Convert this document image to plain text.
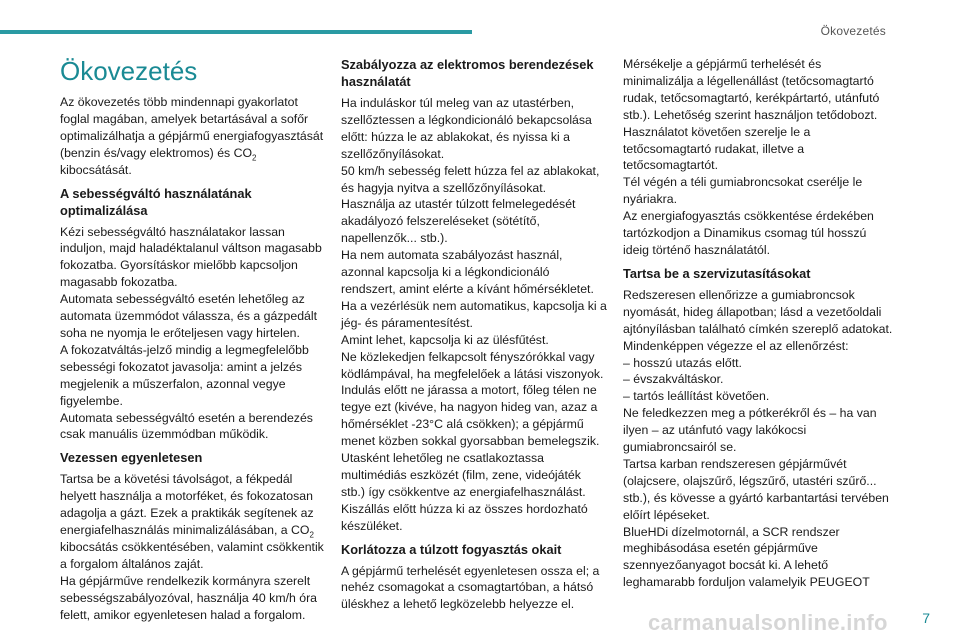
Ökovezetés
Ökovezetés

Az ökovezetés több mindennapi gyakorlatot foglal magában, amelyek betartásával a sofőr optimalizálhatja a gépjármű energiafogyasztását (benzin és/vagy elektromos) és $CO_2$ kibocsátását.

A sebességváltó használatának optimalizálása

Kézi sebességváltó használatakor lassan induljon, majd haladéktalanul váltson magasabb fokozatba. Gyorsításkor mielőbb kapcsoljon magasabb fokozatba.
Automata sebességváltó esetén lehetőleg az automata üzemmódot válassza, és a gázpedált soha ne nyomja le erőteljesen vagy hirtelen.
A fokozatváltás-jelző mindig a legmegfelelőbb sebességi fokozatot javasolja: amint a jelzés megjelenik a műszerfalon, azonnal vegye figyelembe.
Automata sebességváltó esetén a berendezés csak manuális üzemmódban működik.

Vezessen egyenletesen

Tartsa be a követési távolságot, a fékpedál helyett használja a motorféket, és fokozatosan adagolja a gázt. Ezek a praktikák segítenek az energiafelhasználás minimalizálásában, a $CO_2$ kibocsátás csökkentésében, valamint csökkentik a forgalom általános zaját.
Ha gépjárműve rendelkezik kormányra szerelt sebességszabályozóval, használja 40 km/h óra felett, amikor egyenletesen halad a forgalom.

Szabályozza az elektromos berendezések használatát

Ha induláskor túl meleg van az utastérben, szellőztessen a légkondicionáló bekapcsolása előtt: húzza le az ablakokat, és nyissa ki a szellőzőnyílásokat.
50 km/h sebesség felett húzza fel az ablakokat, és hagyja nyitva a szellőzőnyílásokat.
Használja az utastér túlzott felmelegedését akadályozó felszereléseket (sötétítő, napellenzők... stb.).
Ha nem automata szabályozást használ, azonnal kapcsolja ki a légkondicionáló rendszert, amint elérte a kívánt hőmérsékletet.
Ha a vezérlésük nem automatikus, kapcsolja ki a jég- és páramentesítést.
Amint lehet, kapcsolja ki az ülésfűtést.
Ne közlekedjen felkapcsolt fényszórókkal vagy ködlámpával, ha megfelelőek a látási viszonyok.
Indulás előtt ne járassa a motort, főleg télen ne tegye ezt (kivéve, ha nagyon hideg van, azaz a hőmérséklet -23°C alá csökken); a gépjármű menet közben sokkal gyorsabban bemelegszik.
Utasként lehetőleg ne csatlakoztassa multimédiás eszközét (film, zene, videójáték stb.) így csökkentve az energiafelhasználást.
Kiszállás előtt húzza ki az összes hordozható készüléket.

Korlátozza a túlzott fogyasztás okait

A gépjármű terhelését egyenletesen ossza el; a nehéz csomagokat a csomagtartóban, a hátsó üléskhez a lehető legközelebb helyezze el.

Mérsékelje a gépjármű terhelését és minimalizálja a légellenállást (tetőcsomagtartó rudak, tetőcsomagtartó, kerékpártartó, utánfutó stb.). Lehetőség szerint használjon tetődobozt.
Használatot követően szerelje le a tetőcsomagtartó rudakat, illetve a tetőcsomagtartót.
Tél végén a téli gumiabroncsokat cserélje le nyáriakra.
Az energiafogyasztás csökkentése érdekében tartózkodjon a Dinamikus csomag túl hosszú ideig történő használatától.

Tartsa be a szervizutasításokat

Redszeresen ellenőrizze a gumiabroncsok nyomását, hideg állapotban; lásd a vezetőoldali ajtónyílásban található címkén szereplő adatokat.
Mindenképpen végezze el az ellenőrzést:
– hosszú utazás előtt.
– évszakváltáskor.
– tartós leállítást követően.
Ne feledkezzen meg a pótkerékről és – ha van ilyen – az utánfutó vagy lakókocsi gumiabroncsairól se.
Tartsa karban rendszeresen gépjárművét (olajcsere, olajszűrő, légszűrő, utastéri szűrő... stb.), és kövesse a gyártó karbantartási tervében előírt lépéseket.
BlueHDi dízelmotornál, a SCR rendszer meghibásodása esetén gépjárműve szennyezőanyagot bocsát ki. A lehető leghamarabb forduljon valamelyik PEUGEOT

carmanualsonline.info 7
